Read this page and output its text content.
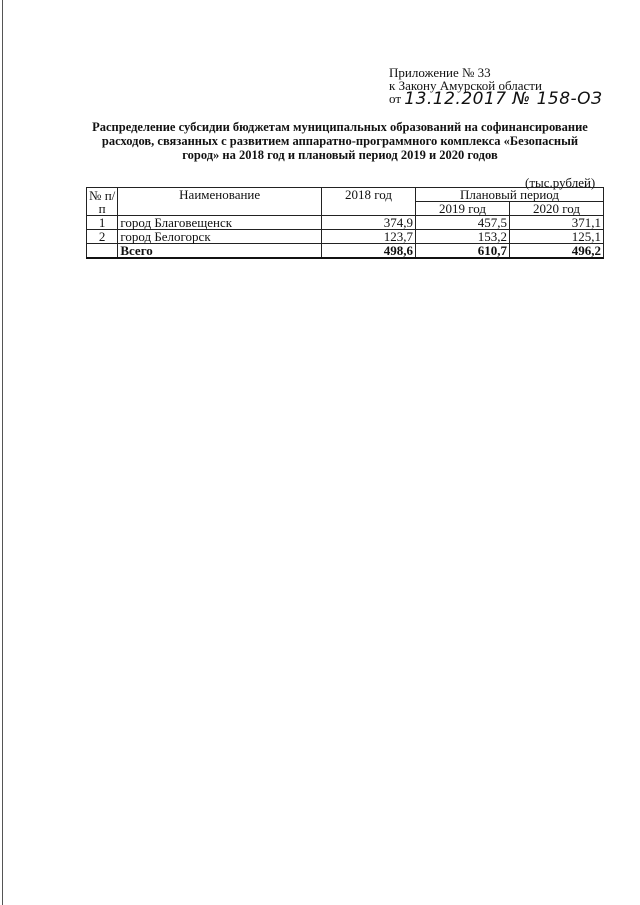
Приложение № 33
к Закону Амурской области
от 13.12.2017 № 158-ОЗ
Распределение субсидии бюджетам муниципальных образований на софинансирование расходов, связанных с развитием аппаратно-программного комплекса «Безопасный город» на 2018 год и плановый период 2019 и 2020 годов
(тыс.рублей)
№ п/п	Наименование	2018 год	Плановый период	
			2019 год	2020 год
1	город Благовещенск	374,9	457,5	371,1
2	город Белогорск	123,7	153,2	125,1
	Всего	498,6	610,7	496,2
